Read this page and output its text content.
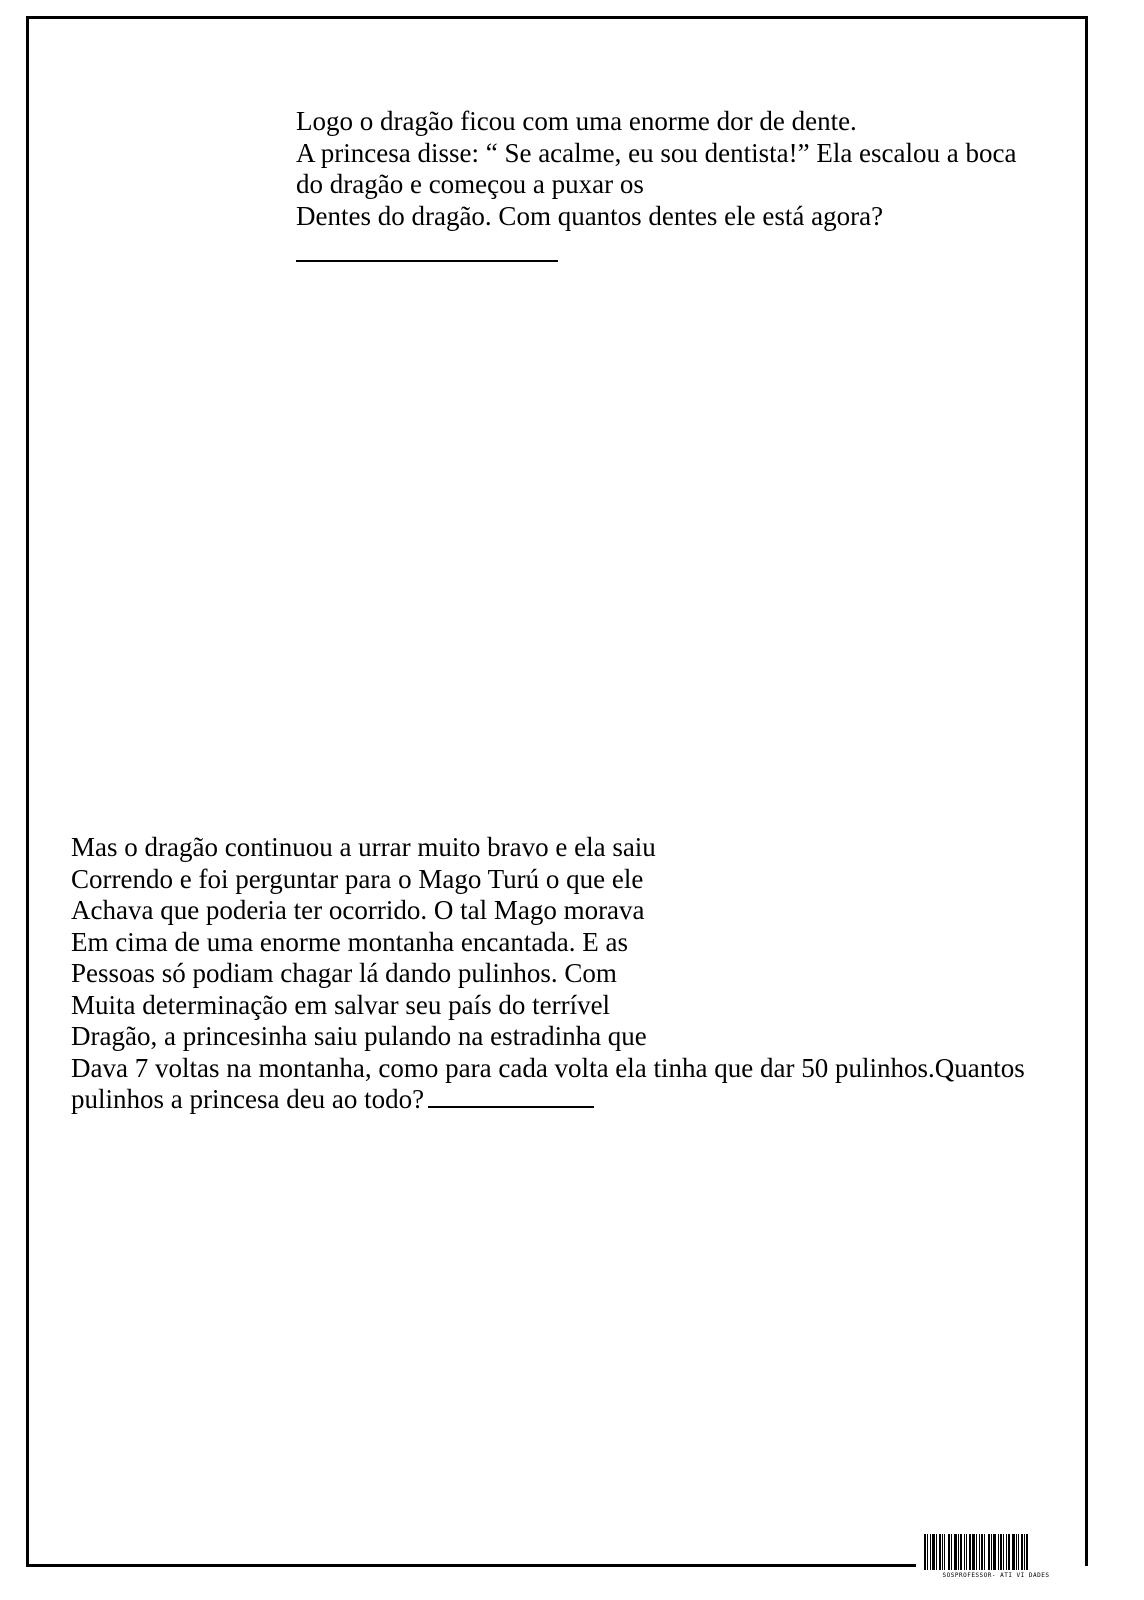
Logo o dragão ficou com uma enorme dor de dente.
A princesa disse: “ Se acalme, eu sou dentista!” Ela escalou a boca
do dragão e começou a puxar os
Dentes do dragão. Com quantos dentes ele está agora?
Mas o dragão continuou a urrar muito bravo e ela saiu
Correndo e foi perguntar para o Mago Turú o que ele
Achava que poderia ter ocorrido. O tal Mago morava
Em cima de uma enorme montanha encantada. E as
Pessoas só podiam chagar lá dando pulinhos. Com
Muita determinação em salvar seu país do terrível
Dragão, a princesinha saiu pulando na estradinha que
Dava 7 voltas na montanha, como para cada volta ela tinha que dar 50 pulinhos.Quantos
pulinhos a princesa deu ao todo?
SOSPROFESSOR- ATI VI DADES
